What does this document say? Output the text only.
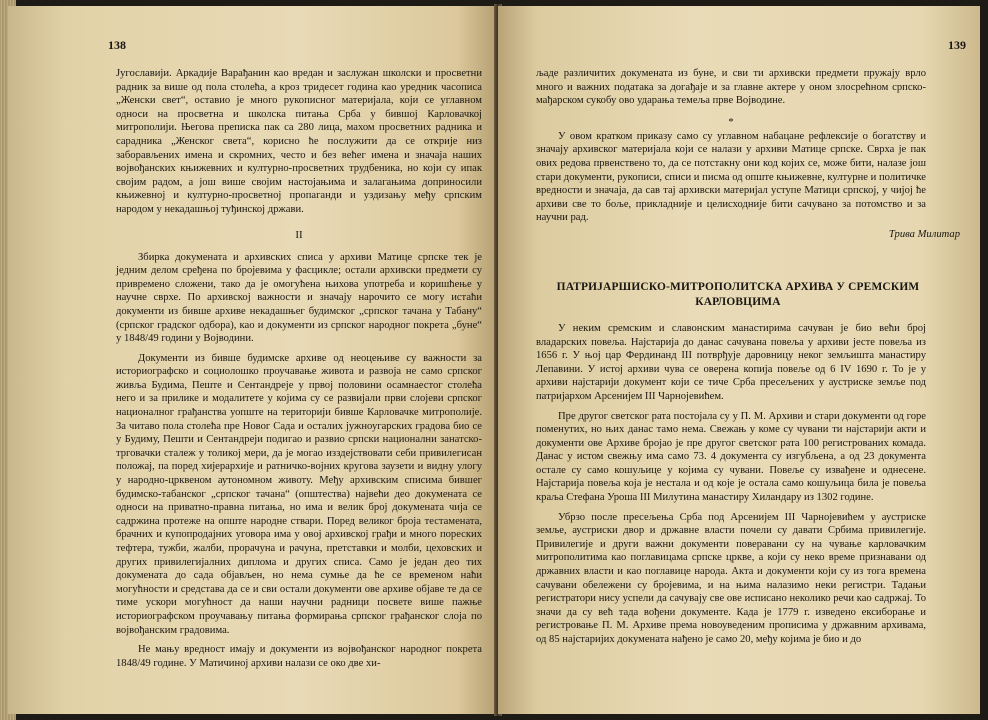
138

Југославији. Аркадије Варађанин као вредан и заслужан школски и просветни радник за више од пола столећа, а кроз тридесет година као уредник часописа „Женски свет“, оставио је много рукописног материјала, који се углавном односи на просветна и школска питања Срба у бившој Карловачкој митрополији. Његова преписка пак са 280 лица, махом просветних радника и сарадника „Женског света“, корисно ће послужити да се открије низ заборављених имена и скромних, често и без већег имена и значаја наших војвођанских књижевних и културно-просветних трудбеника, но који су ипак својим радом, а још више својим настојањима и залагањима доприносили књижевној и културно-просветној пропаганди и уздизању међу српским народом у некадашњој туђинској држави.

II

Збирка докумената и архивских списа у архиви Матице српске тек је једним делом сређена по бројевима у фасцикле; остали архивски предмети су привремено сложени, тако да је омогућена њихова употреба и коришћење у научне сврхе. По архивској важности и значају нарочито се могу истаћи документи из бивше архиве некадашњег будимског „српског тачана у Табану“ (српског градског одбора), као и документи из српског народног покрета „буне“ у 1848/49 години у Војводини.

Документи из бивше будимске архиве од неоцењиве су важности за историографско и социолошко проучавање живота и развоја не само српског живља Будима, Пеште и Сентандреје у првој половини осамнаестог столећа него и за прилике и модалитете у којима су се развијали први слојеви српског националног грађанства уопште на територији бивше Карловачке митрополије. За читаво пола столећа пре Новог Сада и осталих јужноугарских градова био се у Будиму, Пешти и Сентандреји подигао и развио српски национални занатско-трговачки сталеж у толикој мери, да је могао изздејствовати себи привилегисан положај, па поред хијерархије и ратничко-војних кругова заузети и видну улогу у народно-црквеном аутономном животу. Међу архивским списима бившег будимско-табанског „српског тачана“ (општества) највећи део докумената се односи на приватно-правна питања, но има и велик број докумената чија се садржина протеже на опште народне ствари. Поред великог броја тестамената, брачних и купопродајних уговора има у овој архивској грађи и много порескиx тефтера, тужби, жалби, прорачуна и рачуна, претставки и молби, цеховских и других привилегијалних диплома и других списа. Само је један део тих докумената до сада објављен, но нема сумње да ће се временом наћи могућности и средстава да се и сви остали документи ове архиве објаве те да се тиме ускори могућност да наши научни радници посвете више пажње историографском проучавању питања формирања српског грађанског слоја по војвођанским градовима.

Не мању вредност имају и документи из војвођанског народног покрета 1848/49 године. У Матичиној архиви налази се око две хи-

139

љаде различитих докумената из буне, и сви ти архивски предмети пружају врло много и важних података за догађаје и за главне актере у оном злосрећном српско-мађарском сукобу ово ударања темеља прве Војводине.

*

У овом кратком приказу само су углавном набацане рефлексије о богатству и значају архивског материјала који се налази у архиви Матице српске. Сврха је пак ових редова првенствено то, да се потстакну они код којих се, може бити, налазе још стари документи, рукописи, списи и писма од опште књижевне, културне и политичке вредности и значаја, да сав тај архивски материјал уступе Матици српској, у чијој ће архиви све то боље, прикладније и целисходније бити сачувано за потомство и за научни рад.

Трива Милитар
ПАТРИЈАРШИСКО-МИТРОПОЛИТСКА АРХИВА У СРЕМСКИМ КАРЛОВЦИМА

У неким сремским и славонским манастирима сачуван је био већи број владарских повеља. Најстарија до данас сачувана повеља у архиви јесте повеља из 1656 г. У њој цар Фердинанд III потврђује даровницу неког земљишта манастиру Лепавини. У истој архиви чува се оверена копија повеље од 6 IV 1690 г. То је у архиви најстарији документ који се тиче Срба пресељених у аустриске земље под патријархом Арсенијем III Чарнојевићем.

Пре другог светског рата постојала су у П. М. Архиви и стари документи од горе поменутих, но њих данас тамо нема. Свежањ у коме су чувани ти најстарији акти и документи ове Архиве бројао је пре другог светског рата 100 регистрованих комада. Данас у истом свежњу има само 73. 4 документа су изгубљена, а од 23 документа остале су само кошуљице у којима су чувани. Повеље су извађене и однесене. Најстарија повеља која је нестала и од које је остала само кошуљица била је повеља краља Стефана Уроша III Милутина манастиру Хиландару из 1302 године.

Убрзо после пресељења Срба под Арсенијем III Чарнојевићем у аустриске земље, аустриски двор и државне власти почели су давати Србима привилегије. Привилегије и други важни документи поверавани су на чување карловачким митрополитима као поглавицама српске цркве, а који су неко време признавани од државних власти и као поглавице народа. Акта и документи који су из тога времена сачувани обележени су бројевима, и на њима налазимо неки регистри. Тадањи регистратори нису успели да сачувају све ове исписано неколико речи као садржај. То значи да су већ тада вођени документе. Када је 1779 г. изведено ексиборање и регистровање П. М. Архиве према новоуведеним прописима у државним архивама, од 85 најстаријих докумената нађено је само 20, међу којима је био и до
